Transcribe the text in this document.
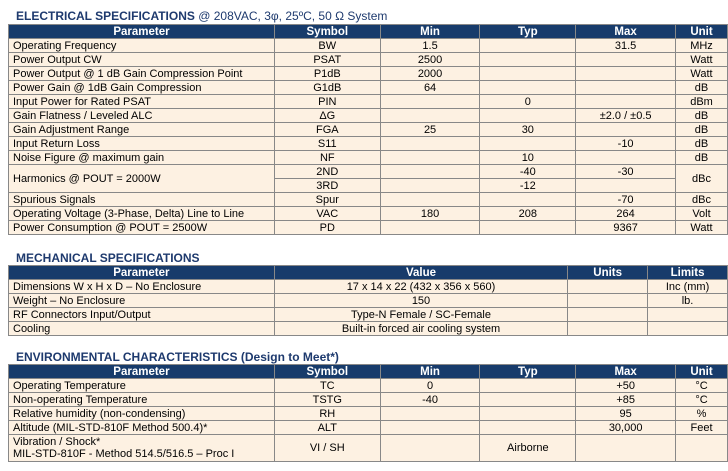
ELECTRICAL SPECIFICATIONS @ 208VAC, 3φ, 25ºC, 50 Ω System
Parameter	Symbol	Min	Typ	Max	Unit
Operating Frequency	BW	1.5		31.5	MHz
Power Output CW	PSAT	2500			Watt
Power Output @ 1 dB Gain Compression Point	P1dB	2000			Watt
Power Gain @ 1dB Gain Compression	G1dB	64			dB
Input Power for Rated PSAT	PIN		0		dBm
Gain Flatness / Leveled ALC	ΔG			±2.0 / ±0.5	dB
Gain Adjustment Range	FGA	25	30		dB
Input Return Loss	S11			-10	dB
Noise Figure @ maximum gain	NF		10		dB
Harmonics @ POUT = 2000W	2ND		-40	-30	dBc
	3RD		-12		
Spurious Signals	Spur			-70	dBc
Operating Voltage (3-Phase, Delta) Line to Line	VAC	180	208	264	Volt
Power Consumption @ POUT = 2500W	PD			9367	Watt
MECHANICAL SPECIFICATIONS
Parameter	Value	Units	Limits
Dimensions W x H x D – No Enclosure	17 x 14 x 22 (432 x 356 x 560)		Inc (mm)
Weight – No Enclosure	150		lb.
RF Connectors Input/Output	Type-N Female / SC-Female		
Cooling	Built-in forced air cooling system		
ENVIRONMENTAL CHARACTERISTICS (Design to Meet*)
Parameter	Symbol	Min	Typ	Max	Unit
Operating Temperature	TC	0		+50	°C
Non-operating Temperature	TSTG	-40		+85	°C
Relative humidity (non-condensing)	RH			95	%
Altitude (MIL-STD-810F Method 500.4)*	ALT			30,000	Feet

Vibration / Shock*
MIL-STD-810F - Method 514.5/516.5 – Proc I	VI / SH		Airborne		
